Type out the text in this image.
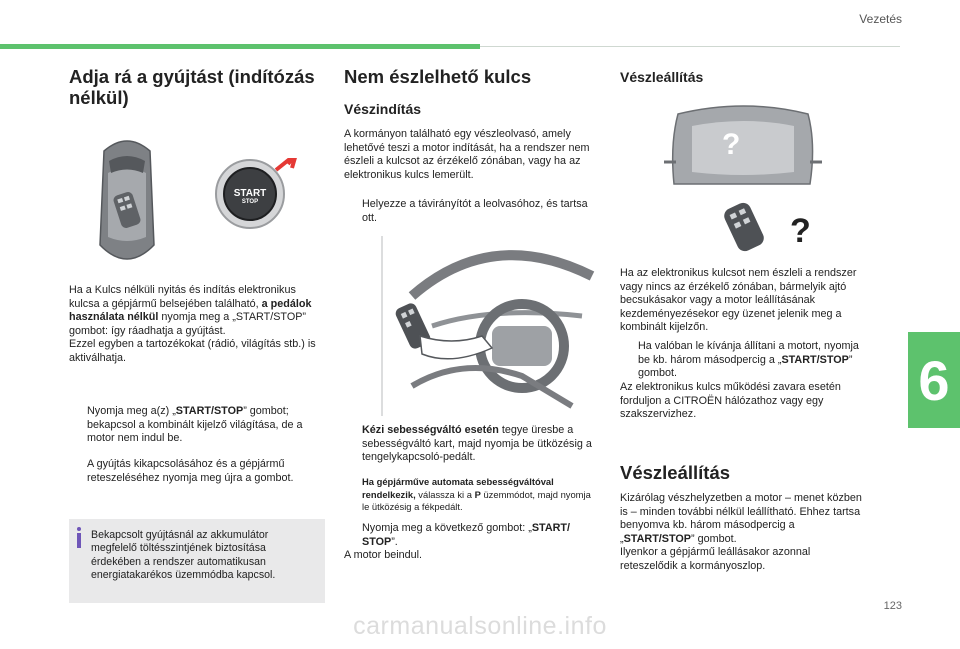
Vezetés
6
Adja rá a gyújtást (indítózás nélkül)
START
STOP

Ha a Kulcs nélküli nyitás és indítás elektronikus kulcsa a gépjármű belsejében található, a pedálok használata nélkül nyomja meg a „START/STOP” gombot: így ráadhatja a gyújtást.
Ezzel egyben a tartozékokat (rádió, világítás stb.) is aktiválhatja.

Nyomja meg a(z) „START/STOP” gombot; bekapcsol a kombinált kijelző világítása, de a motor nem indul be.
A gyújtás kikapcsolásához és a gépjármű reteszeléséhez nyomja meg újra a gombot.
Bekapcsolt gyújtásnál az akkumulátor megfelelő töltésszintjének biztosítása érdekében a rendszer automatikusan energiatakarékos üzemmódba kapcsol.
Nem észlelhető kulcs
Vészindítás

A kormányon található egy vészleolvasó, amely lehetővé teszi a motor indítását, ha a rendszer nem észleli a kulcsot az érzékelő zónában, vagy ha az elektronikus kulcs lemerült.

Helyezze a távirányítót a leolvasóhoz, és tartsa ott.
Kézi sebességváltó esetén tegye üresbe a sebességváltó kart, majd nyomja be ütközésig a tengelykapcsoló-pedált.
Ha gépjárműve automata sebességváltóval rendelkezik, válassza ki a P üzemmódot, majd nyomja le ütközésig a fékpedált.
Nyomja meg a következő gombot: „START/ STOP”.

A motor beindul.

Vészleállítás
?
?

Ha az elektronikus kulcsot nem észleli a rendszer vagy nincs az érzékelő zónában, bármelyik ajtó becsukásakor vagy a motor leállításának kezdeményezésekor egy üzenet jelenik meg a kombinált kijelzőn.

Ha valóban le kívánja állítani a motort, nyomja be kb. három másodpercig a „START/STOP” gombot.

Az elektronikus kulcs működési zavara esetén forduljon a CITROËN hálózathoz vagy egy szakszervizhez.

Vészleállítás

Kizárólag vészhelyzetben a motor – menet közben is – minden további nélkül leállítható. Ehhez tartsa benyomva kb. három másodpercig a „START/STOP” gombot.
Ilyenkor a gépjármű leállásakor azonnal reteszelődik a kormányoszlop.

123
carmanualsonline.info
